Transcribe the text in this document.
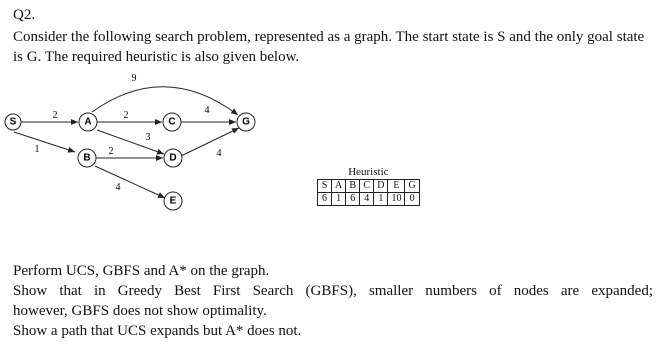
Q2.
Consider the following search problem, represented as a graph. The start state is S and the only goal state is G. The required heuristic is also given below.
2
1
2
9
3
2
4
4
4
S	A
B
C
D
E
G
Heuristic
S	A	B	C	D	E	G
6	1	6	4	1	10	0

Perform UCS, GBFS and A* on the graph.

Show that in Greedy Best First Search (GBFS), smaller numbers of nodes are expanded;

however, GBFS does not show optimality.

Show a path that UCS expands but A* does not.
